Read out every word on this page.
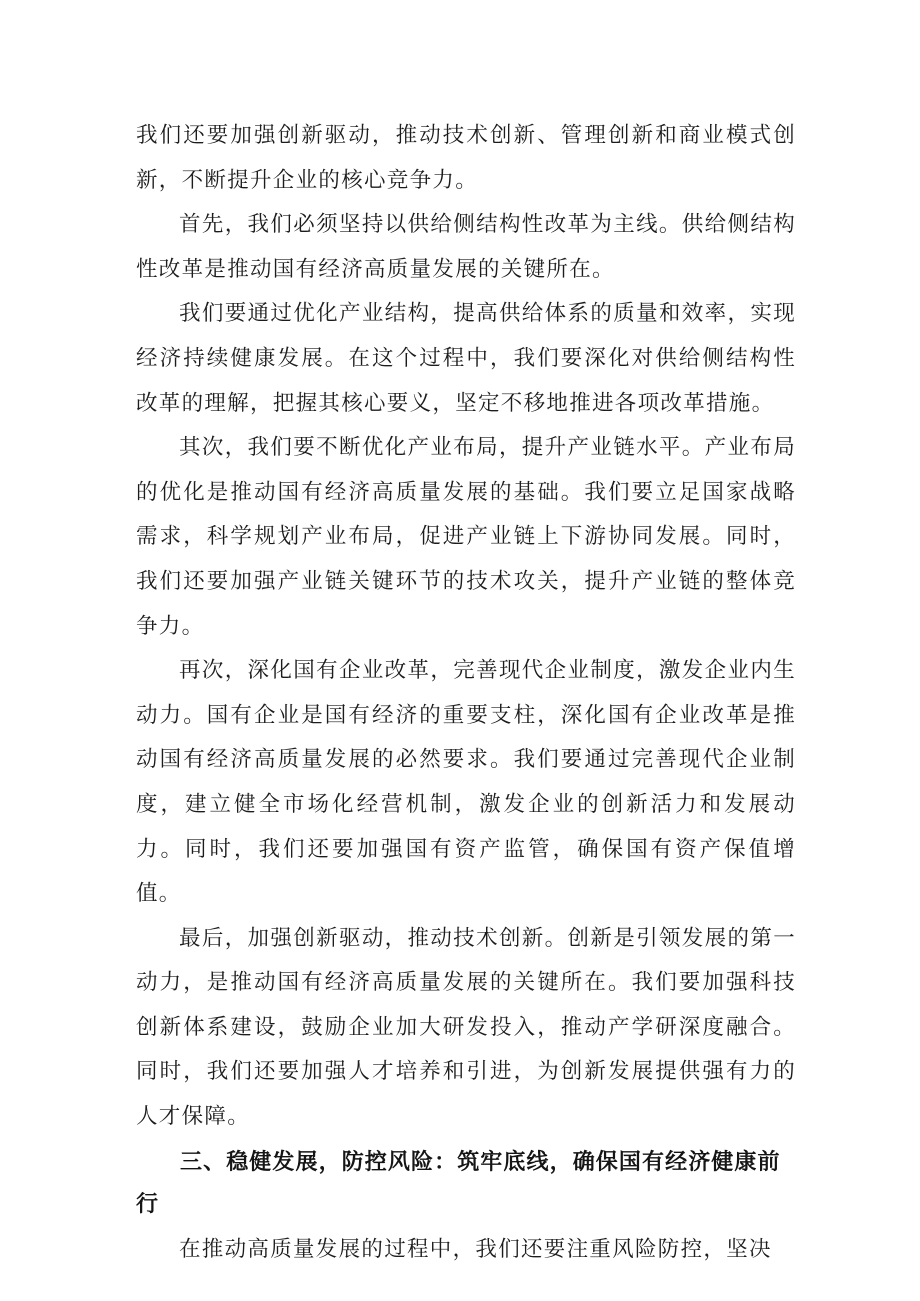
我们还要加强创新驱动，推动技术创新、管理创新和商业模式创新，不断提升企业的核心竞争力。

首先，我们必须坚持以供给侧结构性改革为主线。供给侧结构性改革是推动国有经济高质量发展的关键所在。

我们要通过优化产业结构，提高供给体系的质量和效率，实现经济持续健康发展。在这个过程中，我们要深化对供给侧结构性改革的理解，把握其核心要义，坚定不移地推进各项改革措施。

其次，我们要不断优化产业布局，提升产业链水平。产业布局的优化是推动国有经济高质量发展的基础。我们要立足国家战略需求，科学规划产业布局，促进产业链上下游协同发展。同时，我们还要加强产业链关键环节的技术攻关，提升产业链的整体竞争力。

再次，深化国有企业改革，完善现代企业制度，激发企业内生动力。国有企业是国有经济的重要支柱，深化国有企业改革是推动国有经济高质量发展的必然要求。我们要通过完善现代企业制度，建立健全市场化经营机制，激发企业的创新活力和发展动力。同时，我们还要加强国有资产监管，确保国有资产保值增值。

最后，加强创新驱动，推动技术创新。创新是引领发展的第一动力，是推动国有经济高质量发展的关键所在。我们要加强科技创新体系建设，鼓励企业加大研发投入，推动产学研深度融合。同时，我们还要加强人才培养和引进，为创新发展提供强有力的人才保障。

三、稳健发展，防控风险：筑牢底线，确保国有经济健康前行

在推动高质量发展的过程中，我们还要注重风险防控，坚决
